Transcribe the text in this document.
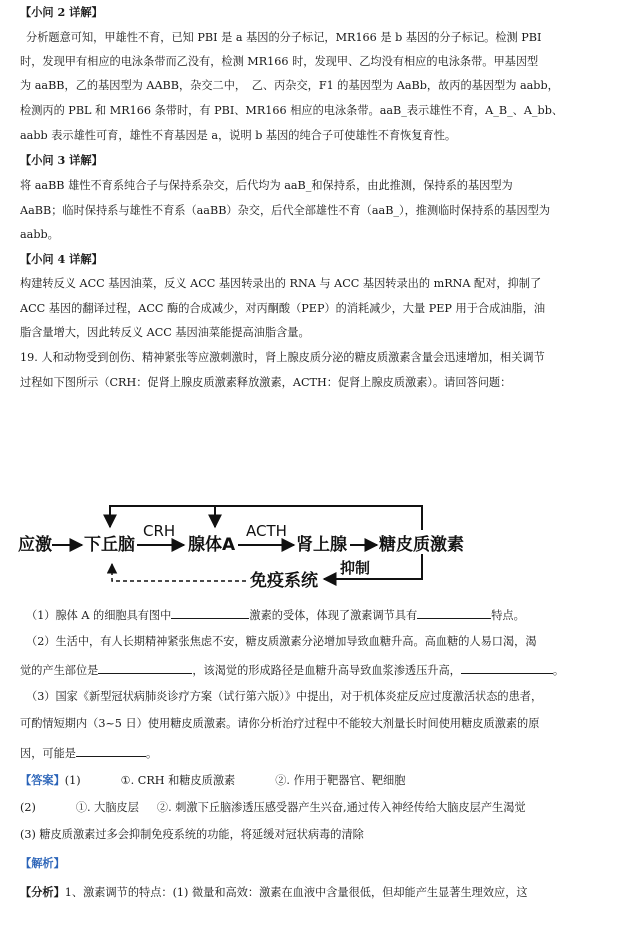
【小问 2 详解】
分析题意可知，甲雄性不育，已知 PBI 是 a 基因的分子标记，MR166 是 b 基因的分子标记。检测 PBI
时，发现甲有相应的电泳条带而乙没有，检测 MR166 时，发现甲、乙均没有相应的电泳条带。甲基因型
为 aaBB，乙的基因型为 AABB，杂交二中，　乙、丙杂交，F1 的基因型为 AaBb，故丙的基因型为 aabb，
检测丙的 PBL 和 MR166 条带时，有 PBI、MR166 相应的电泳条带。aaB_表示雄性不育，A_B_、A_bb、
aabb 表示雄性可育，雄性不育基因是 a，说明 b 基因的纯合子可使雄性不育恢复育性。
【小问 3 详解】
将 aaBB 雄性不育系纯合子与保持系杂交，后代均为 aaB_和保持系，由此推测，保持系的基因型为
AaBB；临时保持系与雄性不育系（aaBB）杂交，后代全部雄性不育（aaB_），推测临时保持系的基因型为
aabb。
【小问 4 详解】
构建转反义 ACC 基因油菜，反义 ACC 基因转录出的 RNA 与 ACC 基因转录出的 mRNA 配对，抑制了
ACC 基因的翻译过程，ACC 酶的合成减少，对丙酮酸（PEP）的消耗减少，大量 PEP 用于合成油脂，油
脂含量增大，因此转反义 ACC 基因油菜能提高油脂含量。
19. 人和动物受到创伤、精神紧张等应激刺激时，肾上腺皮质分泌的糖皮质激素含量会迅速增加，相关调节
过程如下图所示（CRH：促肾上腺皮质激素释放激素，ACTH：促肾上腺皮质激素）。请回答问题：
应激 下丘脑
CRH
腺体A
ACTH
肾上腺 糖皮质激素
抑制
免疫系统
（1）腺体 A 的细胞具有图中	激素的受体，体现了激素调节具有	特点。
（2）生活中，有人长期精神紧张焦虑不安，糖皮质激素分泌增加导致血糖升高。高血糖的人易口渴，渴
觉的产生部位是	，该渴觉的形成路径是血糖升高导致血浆渗透压升高，	。
（3）国家《新型冠状病肺炎诊疗方案（试行第六版）》中提出，对于机体炎症反应过度激活状态的患者，
可酌情短期内（3~5 日）使用糖皮质激素。请你分析治疗过程中不能较大剂量长时间使用糖皮质激素的原
因，可能是	。
【答案】(1)	①. CRH 和糖皮质激素	②. 作用于靶器官、靶细胞
(2)	①. 大脑皮层 ②. 刺激下丘脑渗透压感受器产生兴奋,通过传入神经传给大脑皮层产生渴觉
(3) 糖皮质激素过多会抑制免疫系统的功能，将延缓对冠状病毒的清除
【解析】
【分析】1、激素调节的特点：(1) 微量和高效：激素在血液中含量很低，但却能产生显著生理效应，这
